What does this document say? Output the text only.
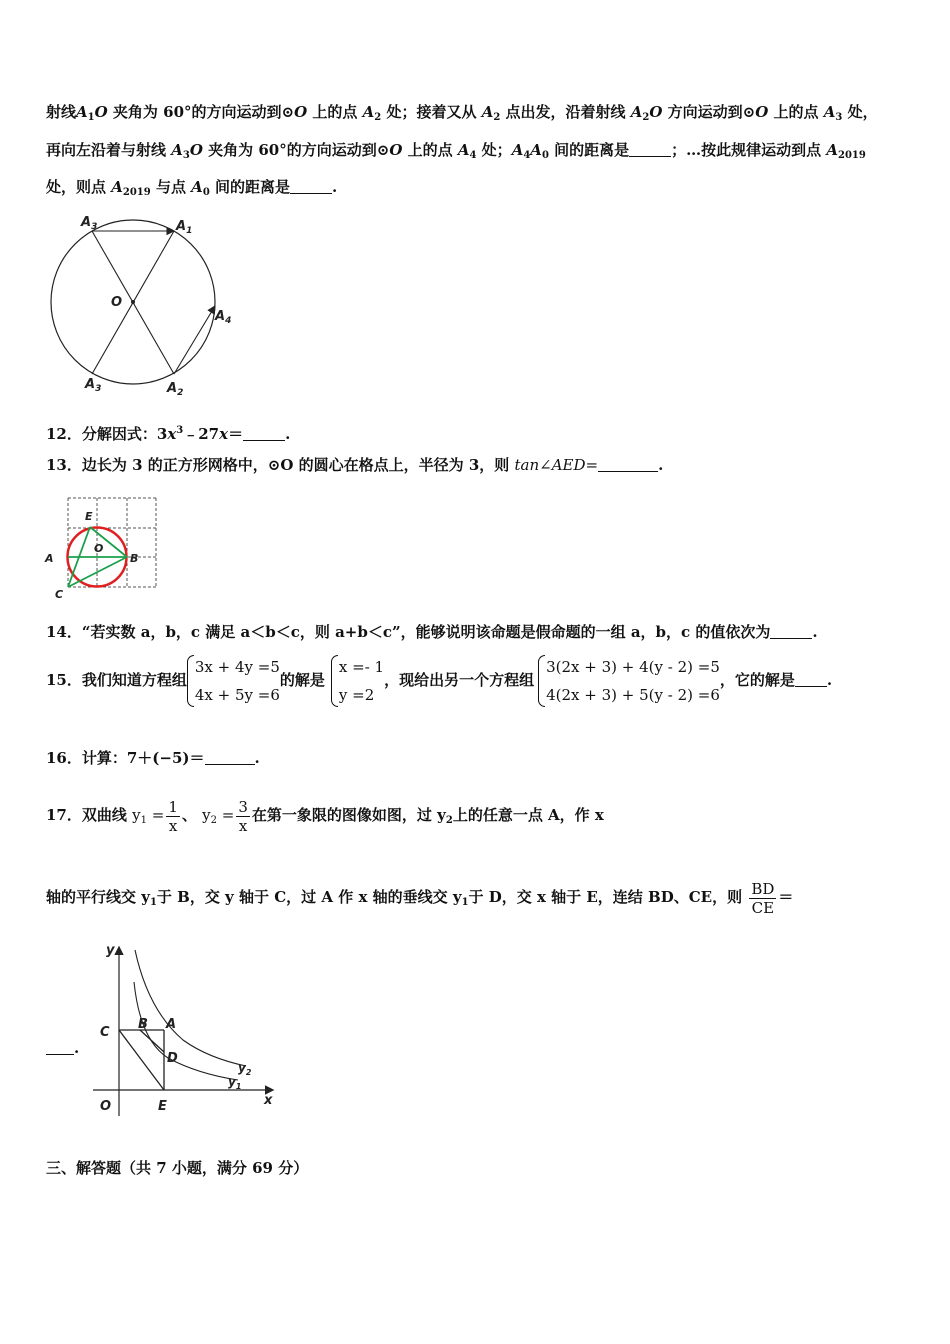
射线$A_1O$ 夹角为 60°的方向运动到⊙O 上的点 $A_2$ 处；接着又从 $A_2$ 点出发，沿着射线 $A_2O$ 方向运动到⊙O 上的点 $A_3$ 处，
再向左沿着与射线 $A_3O$ 夹角为 60°的方向运动到⊙O 上的点 $A_4$ 处；$A_4A_0$ 间的距离是	；…按此规律运动到点 $A_{2019}$
处，则点 $A_{2019}$ 与点 $A_0$ 间的距离是	.
$A_3$	$A_1$
O
$A_4$
$A_3$	$A_2$
12．分解因式：$3x^3﹣27x=$	.
13．边长为 3 的正方形网格中，⊙O 的圆心在格点上，半径为 3，则 tan∠AED=	.
E
O
A	B
C
14．“若实数 a，b，c 满足 a＜b＜c，则 a+b＜c”，能够说明该命题是假命题的一组 a，b，c 的值依次为	.
15．我们知道方程组
3x + 4y =5
4x + 5y =6
的解是
x =- 1
y =2
，现给出另一个方程组
3(2x + 3) + 4(y - 2) =5
4(2x + 3) + 5(y - 2) =6
，它的解是 .
16．计算：7＋(−5)＝	.
17．双曲线 $y_1 = \frac{1}{x}$ 、 $y_2 = \frac{3}{x}$ 在第一象限的图像如图，过 $y_2$上的任意一点 A，作 x
轴的平行线交 $y_1$于 B，交 y 轴于 C，过 A 作 x 轴的垂线交 $y_1$于 D，交 x 轴于 E，连结 BD、CE，则 $\frac{BD}{CE}$ ＝
.
y
x
O
C
B A
D
E
$y_2$
$y_1$
三、解答题（共 7 小题，满分 69 分）
